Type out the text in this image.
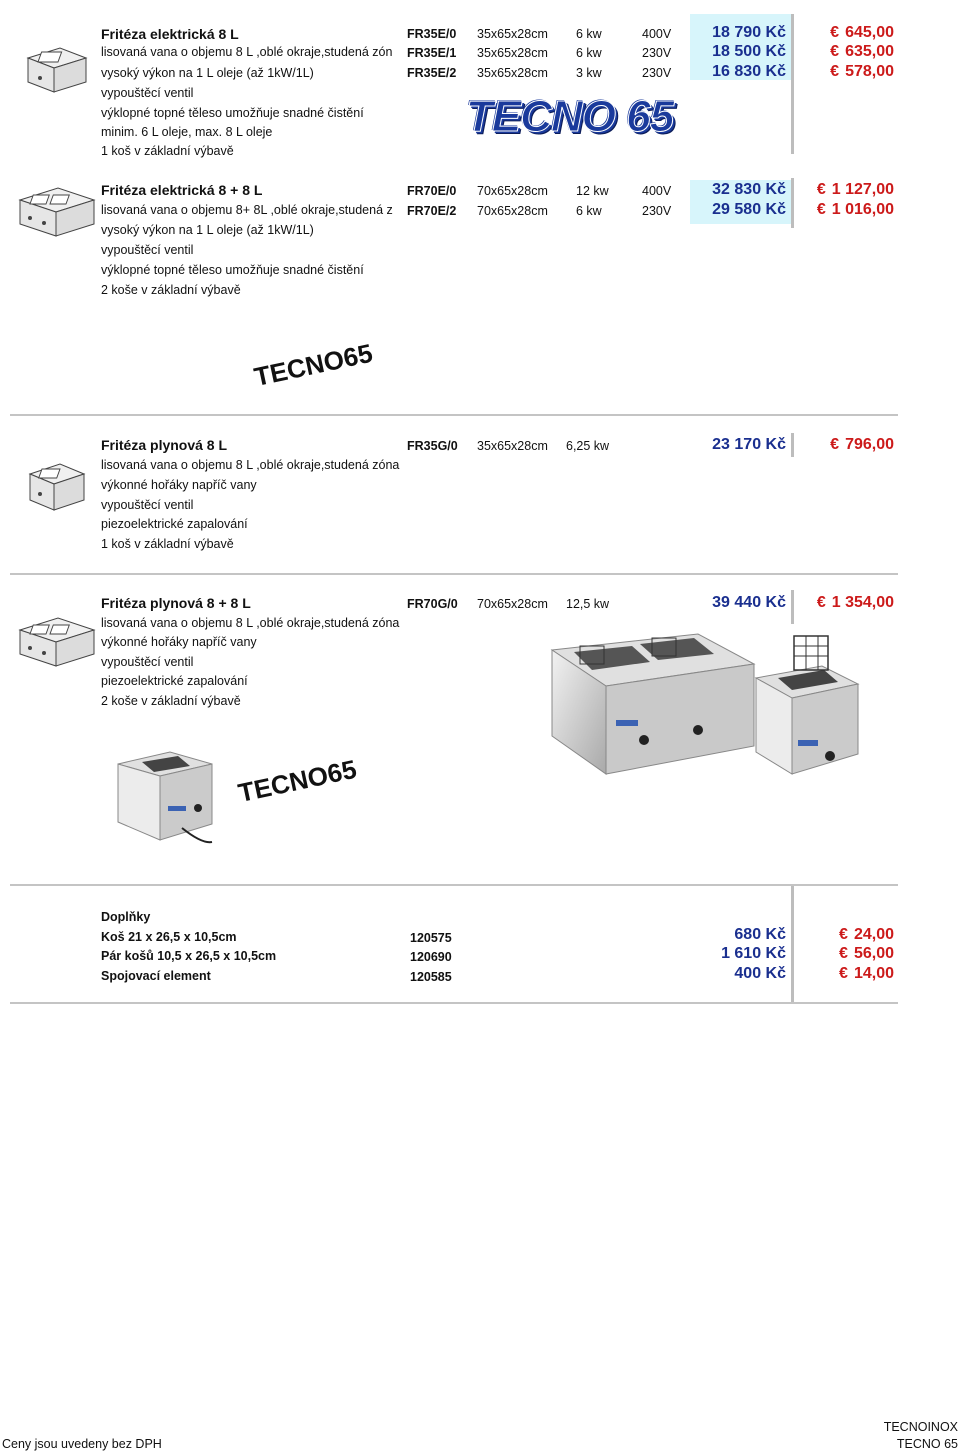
Fritéza elektrická 8 L
lisovaná vana o objemu 8 L ,oblé okraje,studená zón
vysoký výkon na 1 L oleje (až 1kW/1L)
vypouštěcí ventil
výklopné topné těleso umožňuje snadné čistění
minim. 6 L oleje, max. 8 L oleje
1 koš v základní výbavě
FR35E/0 35x65x28cm 6 kw	400V	18 790 Kč	€ 645,00
FR35E/1 35x65x28cm 6 kw	230V	18 500 Kč	€ 635,00
FR35E/2 35x65x28cm 3 kw	230V	16 830 Kč	€ 578,00
TECNO 65
Fritéza elektrická 8 + 8 L
lisovaná vana o objemu 8+ 8L ,oblé okraje,studená z
vysoký výkon na 1 L oleje (až 1kW/1L)
vypouštěcí ventil
výklopné topné těleso umožňuje snadné čistění
2 koše v základní výbavě
FR70E/0 70x65x28cm 12 kw	400V	32 830 Kč	€ 1 127,00
FR70E/2 70x65x28cm 6 kw	230V	29 580 Kč	€ 1 016,00
TECNO65
Fritéza plynová 8 L
lisovaná vana o objemu 8 L ,oblé okraje,studená zóna
výkonné hořáky napříč vany
vypouštěcí ventil
piezoelektrické zapalování
1 koš v základní výbavě
FR35G/0 35x65x28cm 6,25 kw	23 170 Kč	€ 796,00
Fritéza plynová 8 + 8 L
lisovaná vana o objemu 8 L ,oblé okraje,studená zóna
výkonné hořáky napříč vany
vypouštěcí ventil
piezoelektrické zapalování
2 koše v základní výbavě
FR70G/0 70x65x28cm 12,5 kw	39 440 Kč	€ 1 354,00
TECNO65
Doplňky
Koš 21 x 26,5 x 10,5cm	120575	680 Kč	€ 24,00
Pár košů 10,5 x 26,5 x 10,5cm	120690	1 610 Kč	€ 56,00
Spojovací element	120585	400 Kč	€ 14,00
Ceny jsou uvedeny bez DPH
TECNOINOX
TECNO 65
